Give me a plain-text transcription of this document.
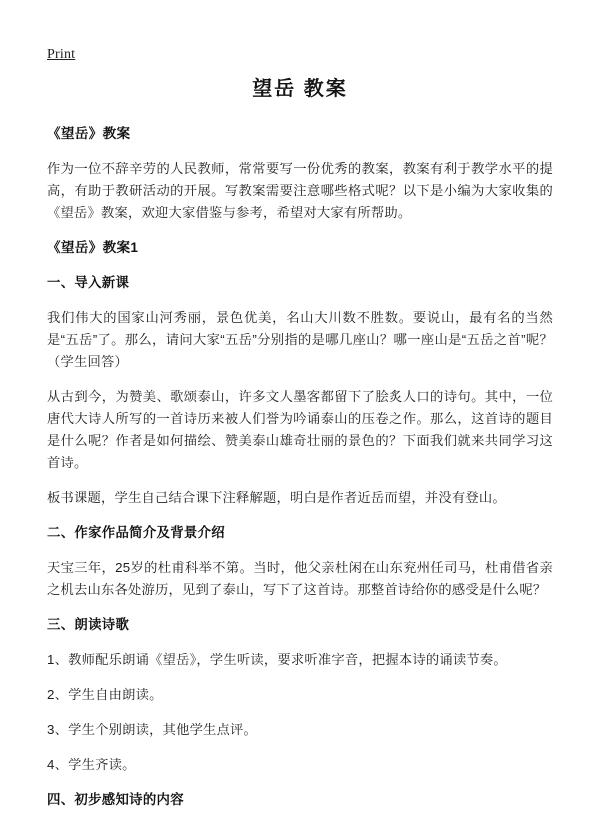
Print
望岳 教案

《望岳》教案

作为一位不辞辛劳的人民教师，常常要写一份优秀的教案，教案有利于教学水平的提高，有助于教研活动的开展。写教案需要注意哪些格式呢？以下是小编为大家收集的《望岳》教案，欢迎大家借鉴与参考，希望对大家有所帮助。

《望岳》教案1

一、导入新课

我们伟大的国家山河秀丽，景色优美，名山大川数不胜数。要说山，最有名的当然是“五岳”了。那么，请问大家“五岳”分别指的是哪几座山？哪一座山是“五岳之首”呢？（学生回答）

从古到今，为赞美、歌颂泰山，许多文人墨客都留下了脍炙人口的诗句。其中，一位唐代大诗人所写的一首诗历来被人们誉为吟诵泰山的压卷之作。那么，这首诗的题目是什么呢？作者是如何描绘、赞美泰山雄奇壮丽的景色的？下面我们就来共同学习这首诗。

板书课题，学生自己结合课下注释解题，明白是作者近岳而望，并没有登山。

二、作家作品简介及背景介绍

天宝三年，25岁的杜甫科举不第。当时，他父亲杜闲在山东兖州任司马，杜甫借省亲之机去山东各处游历，见到了泰山，写下了这首诗。那整首诗给你的感受是什么呢？

三、朗读诗歌

1、教师配乐朗诵《望岳》，学生听读，要求听准字音，把握本诗的诵读节奏。

2、学生自由朗读。

3、学生个别朗读，其他学生点评。

4、学生齐读。

四、初步感知诗的内容
